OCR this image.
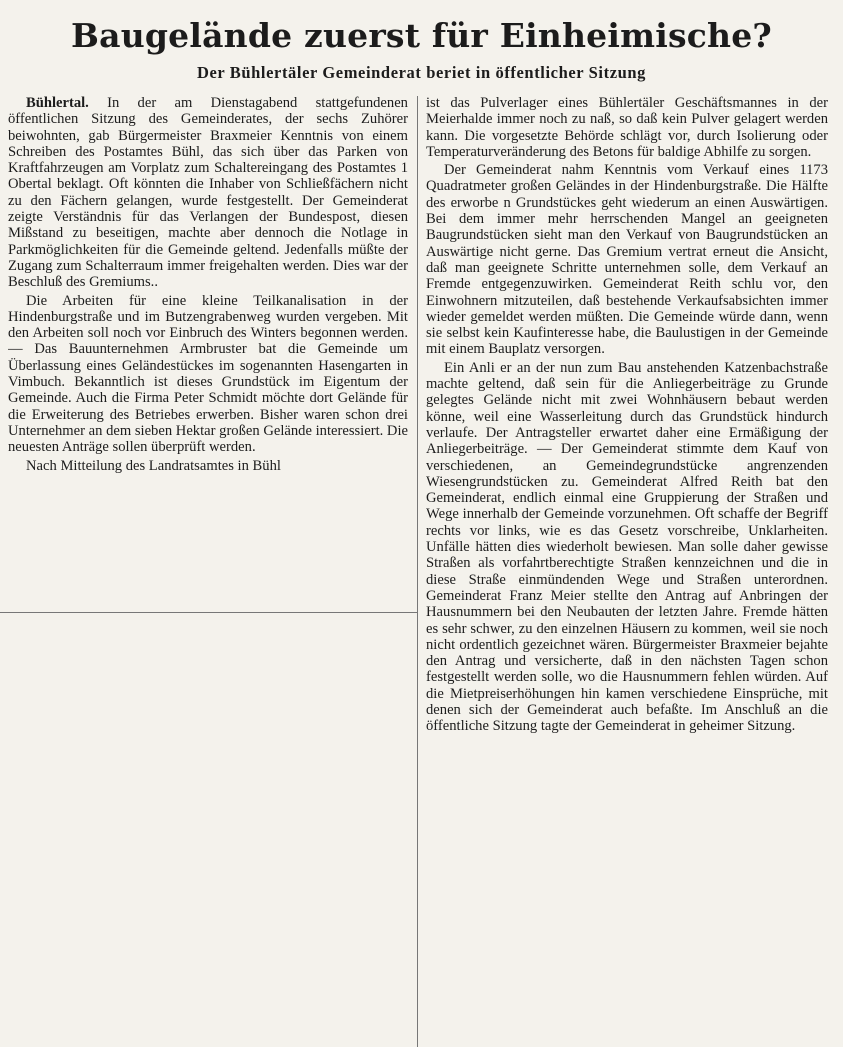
Baugelände zuerst für Einheimische?
Der Bühlertäler Gemeinderat beriet in öffentlicher Sitzung

Bühlertal. In der am Dienstagabend stattgefundenen öffentlichen Sitzung des Gemeinderates, der sechs Zuhörer beiwohnten, gab Bürgermeister Braxmeier Kenntnis von einem Schreiben des Postamtes Bühl, das sich über das Parken von Kraftfahrzeugen am Vorplatz zum Schaltereingang des Postamtes 1 Obertal beklagt. Oft könnten die Inhaber von Schließfächern nicht zu den Fächern gelangen, wurde festgestellt. Der Gemeinderat zeigte Verständnis für das Verlangen der Bundespost, diesen Mißstand zu beseitigen, machte aber dennoch die Notlage in Parkmöglichkeiten für die Gemeinde geltend. Jedenfalls müßte der Zugang zum Schalterraum immer freigehalten werden. Dies war der Beschluß des Gremiums..

Die Arbeiten für eine kleine Teilkanalisation in der Hindenburgstraße und im Butzengrabenweg wurden vergeben. Mit den Arbeiten soll noch vor Einbruch des Winters begonnen werden. — Das Bauunternehmen Armbruster bat die Gemeinde um Überlassung eines Geländestückes im sogenannten Hasengarten in Vimbuch. Bekanntlich ist dieses Grundstück im Eigentum der Gemeinde. Auch die Firma Peter Schmidt möchte dort Gelände für die Erweiterung des Betriebes erwerben. Bisher waren schon drei Unternehmer an dem sieben Hektar großen Gelände interessiert. Die neuesten Anträge sollen überprüft werden.

Nach Mitteilung des Landratsamtes in Bühl

ist das Pulverlager eines Bühlertäler Geschäftsmannes in der Meierhalde immer noch zu naß, so daß kein Pulver gelagert werden kann. Die vorgesetzte Behörde schlägt vor, durch Isolierung oder Temperaturveränderung des Betons für baldige Abhilfe zu sorgen.

Der Gemeinderat nahm Kenntnis vom Verkauf eines 1173 Quadratmeter großen Geländes in der Hindenburgstraße. Die Hälfte des erworbe n Grundstückes geht wiederum an einen Auswärtigen. Bei dem immer mehr herrschenden Mangel an geeigneten Baugrundstücken sieht man den Verkauf von Baugrundstücken an Auswärtige nicht gerne. Das Gremium vertrat erneut die Ansicht, daß man geeignete Schritte unternehmen solle, dem Verkauf an Fremde entgegenzuwirken. Gemeinderat Reith schlu vor, den Einwohnern mitzuteilen, daß bestehende Verkaufsabsichten immer wieder gemeldet werden müßten. Die Gemeinde würde dann, wenn sie selbst kein Kaufinteresse habe, die Baulustigen in der Gemeinde mit einem Bauplatz versorgen.

Ein Anli er an der nun zum Bau anstehenden Katzenbachstraße machte geltend, daß sein für die Anliegerbeiträge zu Grunde gelegtes Gelände nicht mit zwei Wohnhäusern bebaut werden könne, weil eine Wasserleitung durch das Grundstück hindurch verlaufe. Der Antragsteller erwartet daher eine Ermäßigung der Anliegerbeiträge. — Der Gemeinderat stimmte dem Kauf von verschiedenen, an Gemeindegrundstücke angrenzenden Wiesengrundstücken zu. Gemeinderat Alfred Reith bat den Gemeinderat, endlich einmal eine Gruppierung der Straßen und Wege innerhalb der Gemeinde vorzunehmen. Oft schaffe der Begriff rechts vor links, wie es das Gesetz vorschreibe, Unklarheiten. Unfälle hätten dies wiederholt bewiesen. Man solle daher gewisse Straßen als vorfahrtberechtigte Straßen kennzeichnen und die in diese Straße einmündenden Wege und Straßen unterordnen. Gemeinderat Franz Meier stellte den Antrag auf Anbringen der Hausnummern bei den Neubauten der letzten Jahre. Fremde hätten es sehr schwer, zu den einzelnen Häusern zu kommen, weil sie noch nicht ordentlich gezeichnet wären. Bürgermeister Braxmeier bejahte den Antrag und versicherte, daß in den nächsten Tagen schon festgestellt werden solle, wo die Hausnummern fehlen würden. Auf die Mietpreiserhöhungen hin kamen verschiedene Einsprüche, mit denen sich der Gemeinderat auch befaßte. Im Anschluß an die öffentliche Sitzung tagte der Gemeinderat in geheimer Sitzung.
